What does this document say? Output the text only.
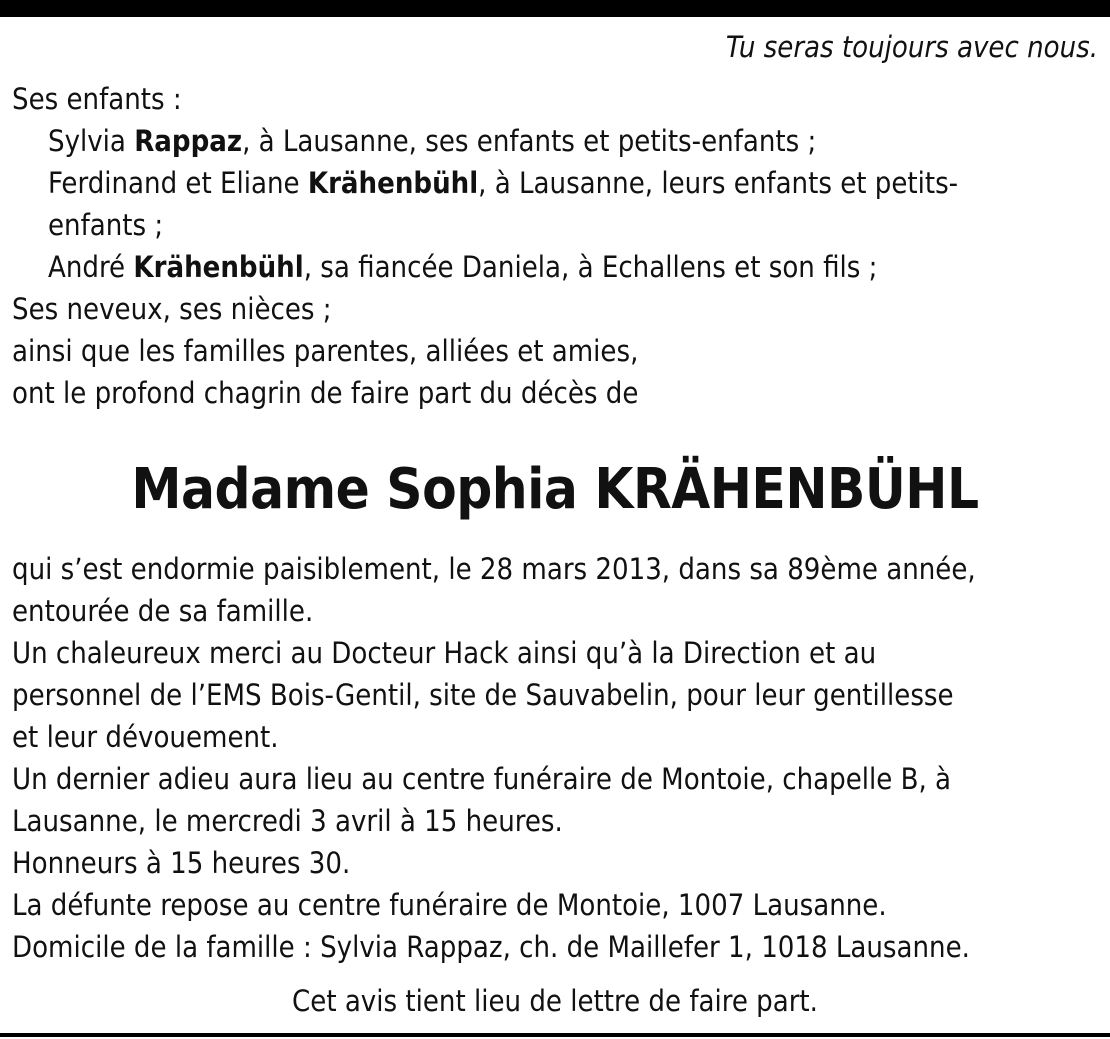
Tu seras toujours avec nous.
Ses enfants :
Sylvia Rappaz, à Lausanne, ses enfants et petits-enfants ;
Ferdinand et Eliane Krähenbühl, à Lausanne, leurs enfants et petits-
enfants ;
André Krähenbühl, sa fiancée Daniela, à Echallens et son fils ;
Ses neveux, ses nièces ;
ainsi que les familles parentes, alliées et amies,
ont le profond chagrin de faire part du décès de
Madame Sophia KRÄHENBÜHL
qui s’est endormie paisiblement, le 28 mars 2013, dans sa 89ème année,
entourée de sa famille.
Un chaleureux merci au Docteur Hack ainsi qu’à la Direction et au
personnel de l’EMS Bois-Gentil, site de Sauvabelin, pour leur gentillesse
et leur dévouement.
Un dernier adieu aura lieu au centre funéraire de Montoie, chapelle B, à
Lausanne, le mercredi 3 avril à 15 heures.
Honneurs à 15 heures 30.
La défunte repose au centre funéraire de Montoie, 1007 Lausanne.
Domicile de la famille : Sylvia Rappaz, ch. de Maillefer 1, 1018 Lausanne.
Cet avis tient lieu de lettre de faire part.
